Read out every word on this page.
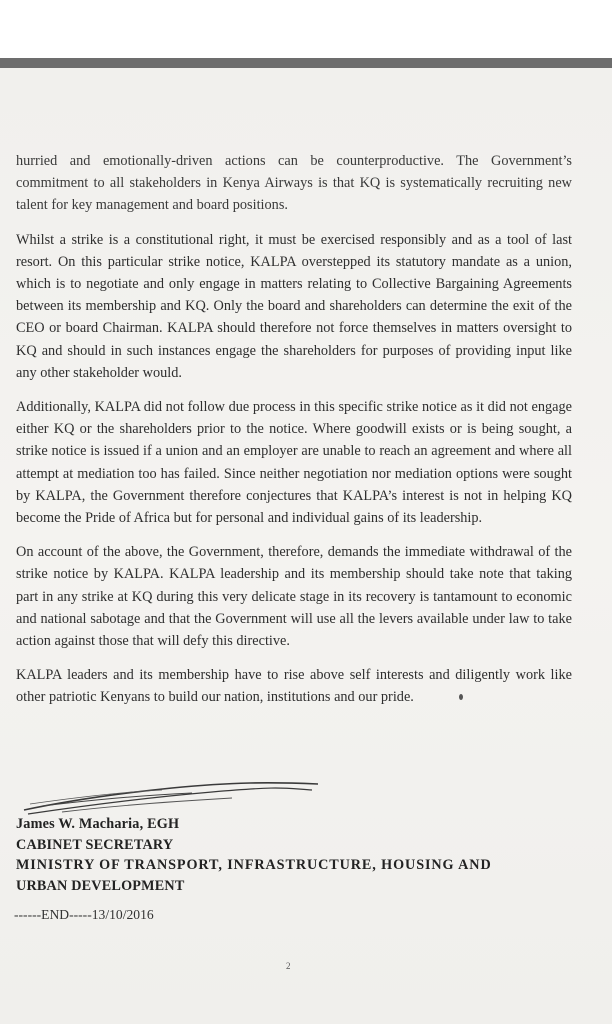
hurried and emotionally-driven actions can be counterproductive. The Government’s commitment to all stakeholders in Kenya Airways is that KQ is systematically recruiting new talent for key management and board positions.

Whilst a strike is a constitutional right, it must be exercised responsibly and as a tool of last resort. On this particular strike notice, KALPA overstepped its statutory mandate as a union, which is to negotiate and only engage in matters relating to Collective Bargaining Agreements between its membership and KQ. Only the board and shareholders can determine the exit of the CEO or board Chairman. KALPA should therefore not force themselves in matters oversight to KQ and should in such instances engage the shareholders for purposes of providing input like any other stakeholder would.

Additionally, KALPA did not follow due process in this specific strike notice as it did not engage either KQ or the shareholders prior to the notice. Where goodwill exists or is being sought, a strike notice is issued if a union and an employer are unable to reach an agreement and where all attempt at mediation too has failed. Since neither negotiation nor mediation options were sought by KALPA, the Government therefore conjectures that KALPA’s interest is not in helping KQ become the Pride of Africa but for personal and individual gains of its leadership.

On account of the above, the Government, therefore, demands the immediate withdrawal of the strike notice by KALPA. KALPA leadership and its membership should take note that taking part in any strike at KQ during this very delicate stage in its recovery is tantamount to economic and national sabotage and that the Government will use all the levers available under law to take action against those that will defy this directive.

KALPA leaders and its membership have to rise above self interests and diligently work like other patriotic Kenyans to build our nation, institutions and our pride.

James W. Macharia, EGH
CABINET SECRETARY
MINISTRY OF TRANSPORT, INFRASTRUCTURE, HOUSING AND
URBAN DEVELOPMENT
------END-----13/10/2016
2
